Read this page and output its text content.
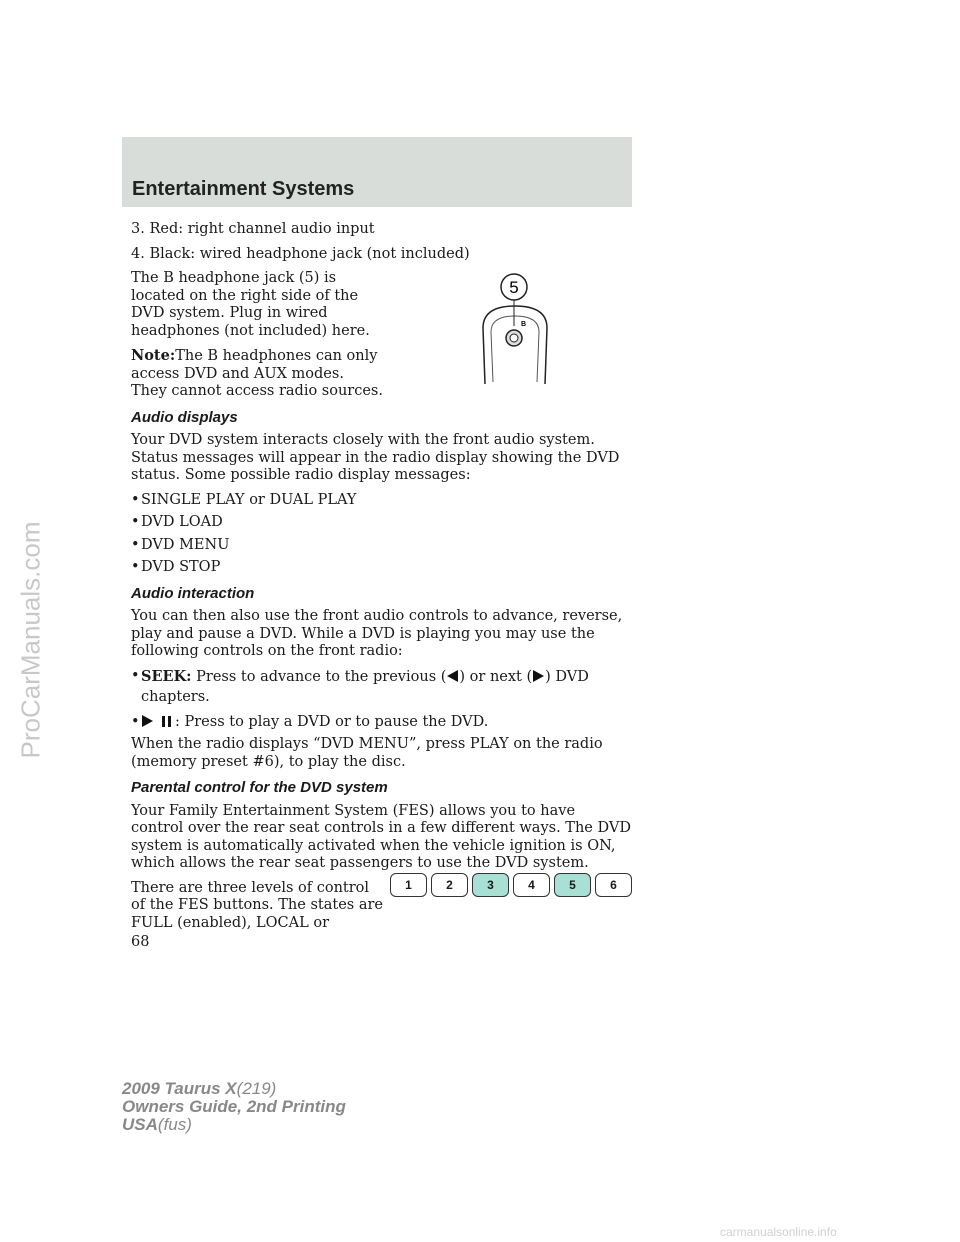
ProCarManuals.com
Entertainment Systems

3. Red: right channel audio input

4. Black: wired headphone jack (not included)

The B headphone jack (5) is located on the right side of the DVD system. Plug in wired headphones (not included) here.

Note:The B headphones can only access DVD and AUX modes. They cannot access radio sources.

Audio displays

Your DVD system interacts closely with the front audio system. Status messages will appear in the radio display showing the DVD status. Some possible radio display messages:

• SINGLE PLAY or DUAL PLAY
• DVD LOAD
• DVD MENU
• DVD STOP
Audio interaction

You can then also use the front audio controls to advance, reverse, play and pause a DVD. While a DVD is playing you may use the following controls on the front radio:

• SEEK: Press to advance to the previous ( ) or next ( ) DVD

chapters.

•	: Press to play a DVD or to pause the DVD.

When the radio displays “DVD MENU”, press PLAY on the radio (memory preset #6), to play the disc.

Parental control for the DVD system

Your Family Entertainment System (FES) allows you to have control over the rear seat controls in a few different ways. The DVD system is automatically activated when the vehicle ignition is ON, which allows the rear seat passengers to use the DVD system.

There are three levels of control of the FES buttons. The states are FULL (enabled), LOCAL or

5
B
1	2	3	4	5	6
68
2009 Taurus X(219)
Owners Guide, 2nd Printing
USA(fus)
carmanualsonline.info
